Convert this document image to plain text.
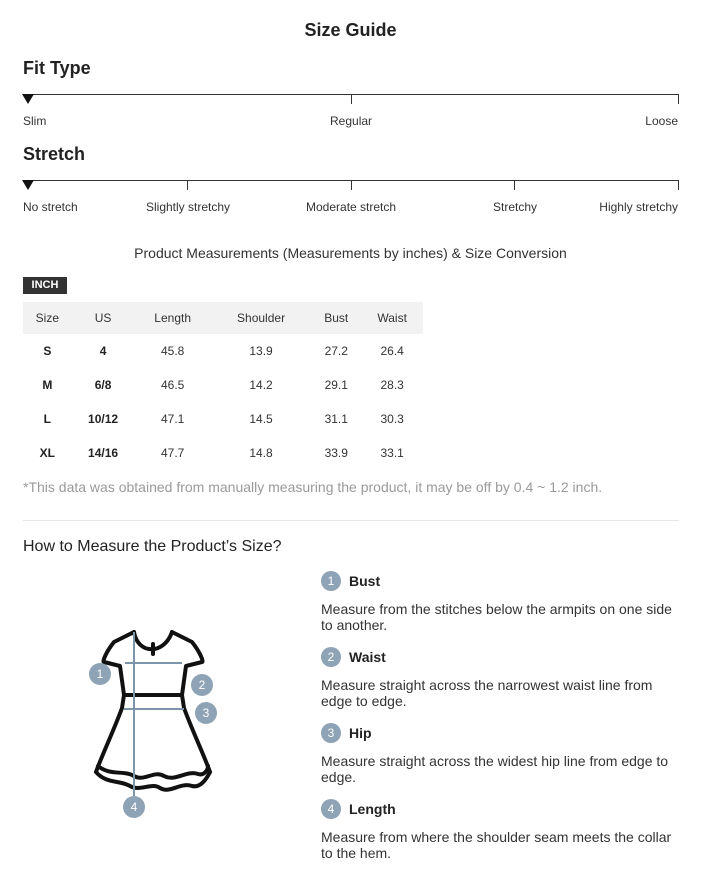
Size Guide
Fit Type
Slim	Regular	Loose
Stretch
No stretch	Slightly stretchy	Moderate stretch	Stretchy	Highly stretchy
Product Measurements (Measurements by inches) & Size Conversion
INCH
Size	US	Length	Shoulder	Bust	Waist
S	4	45.8	13.9	27.2	26.4
M	6/8	46.5	14.2	29.1	28.3
L	10/12	47.1	14.5	31.1	30.3
XL	14/16	47.7	14.8	33.9	33.1
*This data was obtained from manually measuring the product, it may be off by 0.4 ~ 1.2 inch.
How to Measure the Product’s Size?
1
2
3
4
1	Bust
Measure from the stitches below the armpits on one side to another.
2	Waist
Measure straight across the narrowest waist line from edge to edge.
3	Hip
Measure straight across the widest hip line from edge to edge.
4	Length
Measure from where the shoulder seam meets the collar to the hem.
